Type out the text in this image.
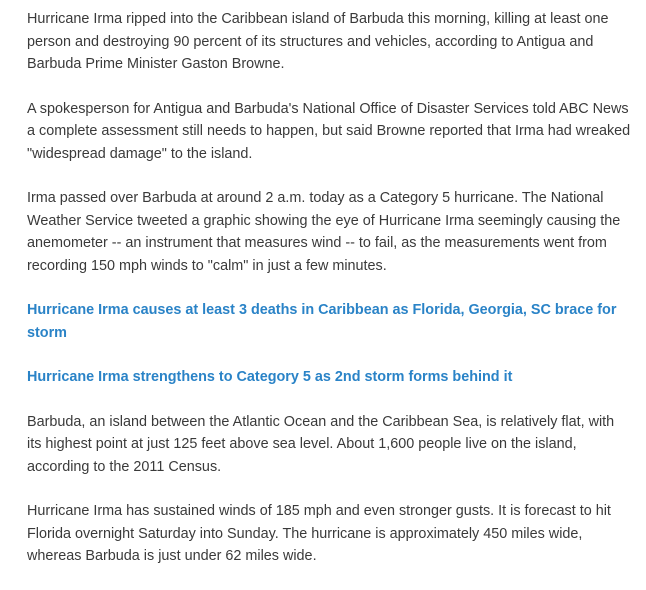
Hurricane Irma ripped into the Caribbean island of Barbuda this morning, killing at least one person and destroying 90 percent of its structures and vehicles, according to Antigua and Barbuda Prime Minister Gaston Browne.

A spokesperson for Antigua and Barbuda's National Office of Disaster Services told ABC News a complete assessment still needs to happen, but said Browne reported that Irma had wreaked "widespread damage" to the island.

Irma passed over Barbuda at around 2 a.m. today as a Category 5 hurricane. The National Weather Service tweeted a graphic showing the eye of Hurricane Irma seemingly causing the anemometer -- an instrument that measures wind -- to fail, as the measurements went from recording 150 mph winds to "calm" in just a few minutes.

Hurricane Irma causes at least 3 deaths in Caribbean as Florida, Georgia, SC brace for storm
Hurricane Irma strengthens to Category 5 as 2nd storm forms behind it

Barbuda, an island between the Atlantic Ocean and the Caribbean Sea, is relatively flat, with its highest point at just 125 feet above sea level. About 1,600 people live on the island, according to the 2011 Census.

Hurricane Irma has sustained winds of 185 mph and even stronger gusts. It is forecast to hit Florida overnight Saturday into Sunday. The hurricane is approximately 450 miles wide, whereas Barbuda is just under 62 miles wide.
